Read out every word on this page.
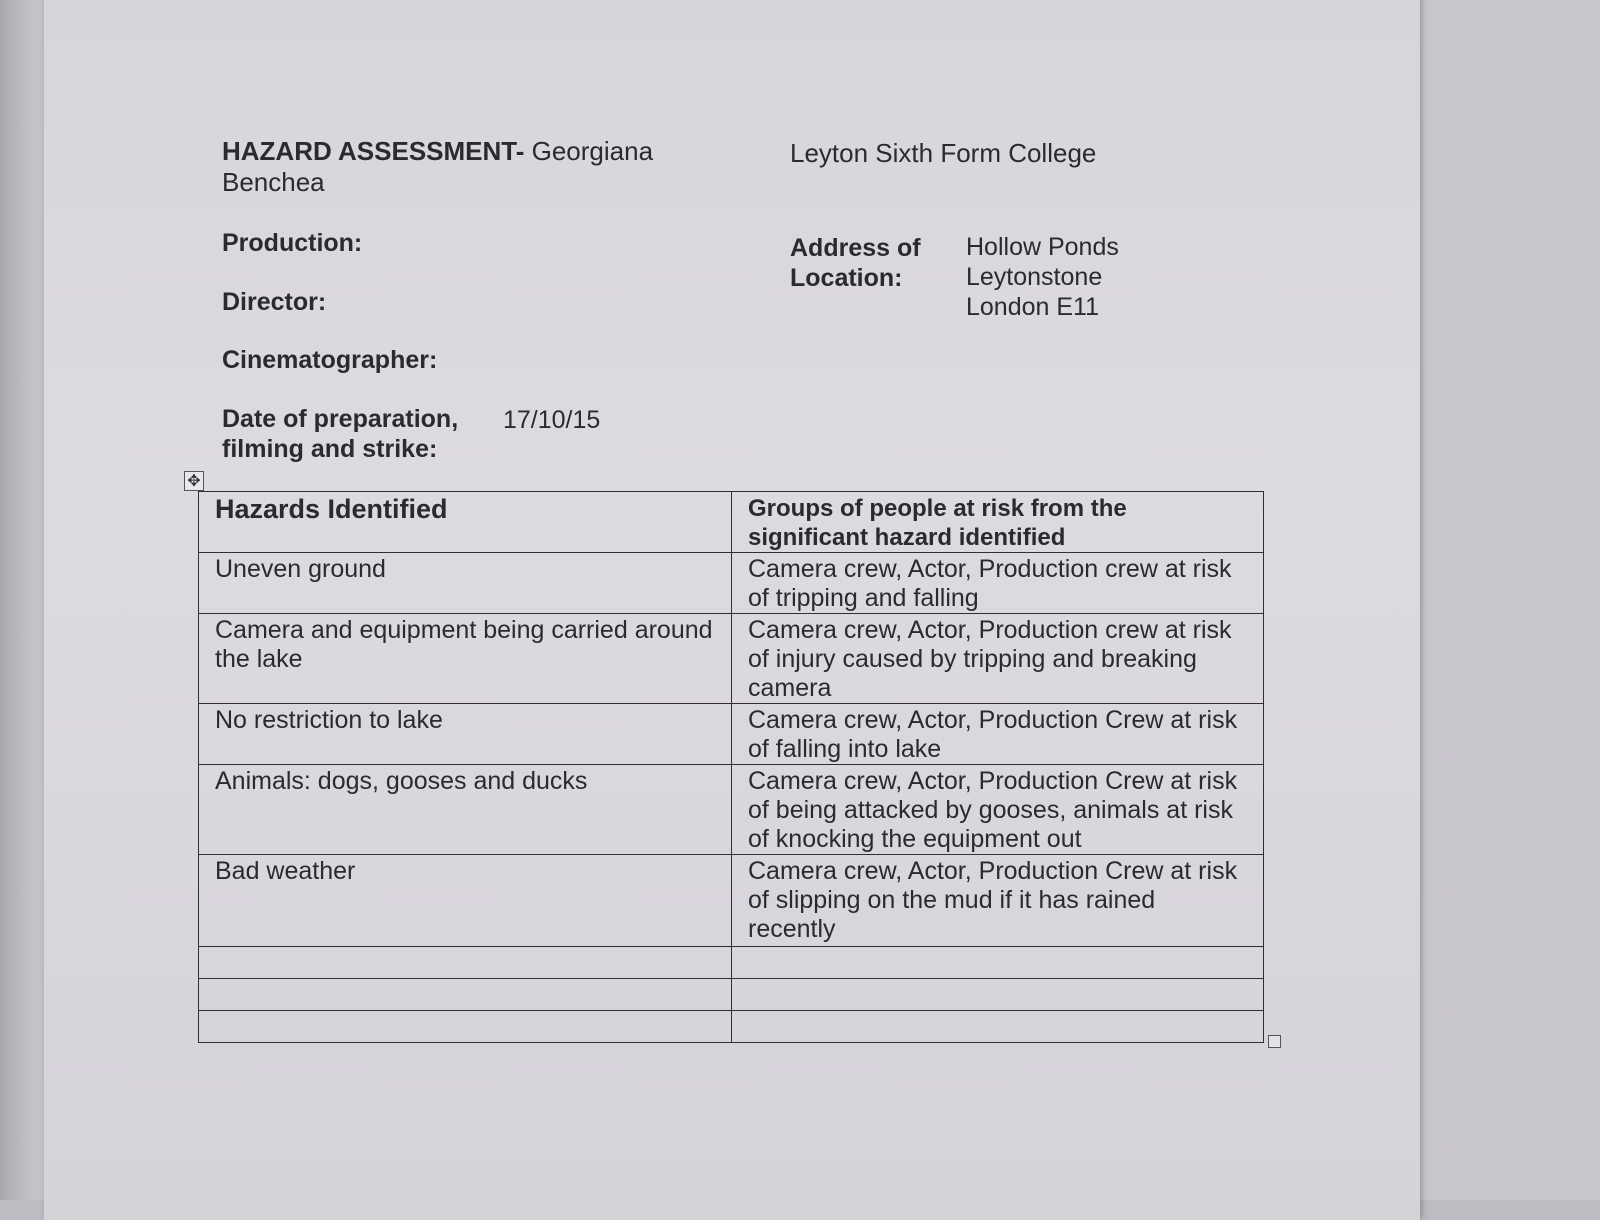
HAZARD ASSESSMENT- Georgiana Benchea
Leyton Sixth Form College
Production:
Director:
Cinematographer:
Date of preparation,
filming and strike:
17/10/15
Address of
Location:
Hollow Ponds
Leytonstone
London E11
✥
Hazards Identified	Groups of people at risk from the significant hazard identified
Uneven ground	Camera crew, Actor, Production crew at risk of tripping and falling
Camera and equipment being carried around the lake	Camera crew, Actor, Production crew at risk of injury caused by tripping and breaking camera
No restriction to lake	Camera crew, Actor, Production Crew at risk of falling into lake
Animals: dogs, gooses and ducks	Camera crew, Actor, Production Crew at risk of being attacked by gooses, animals at risk of knocking the equipment out
Bad weather	Camera crew, Actor, Production Crew at risk of slipping on the mud if it has rained recently
